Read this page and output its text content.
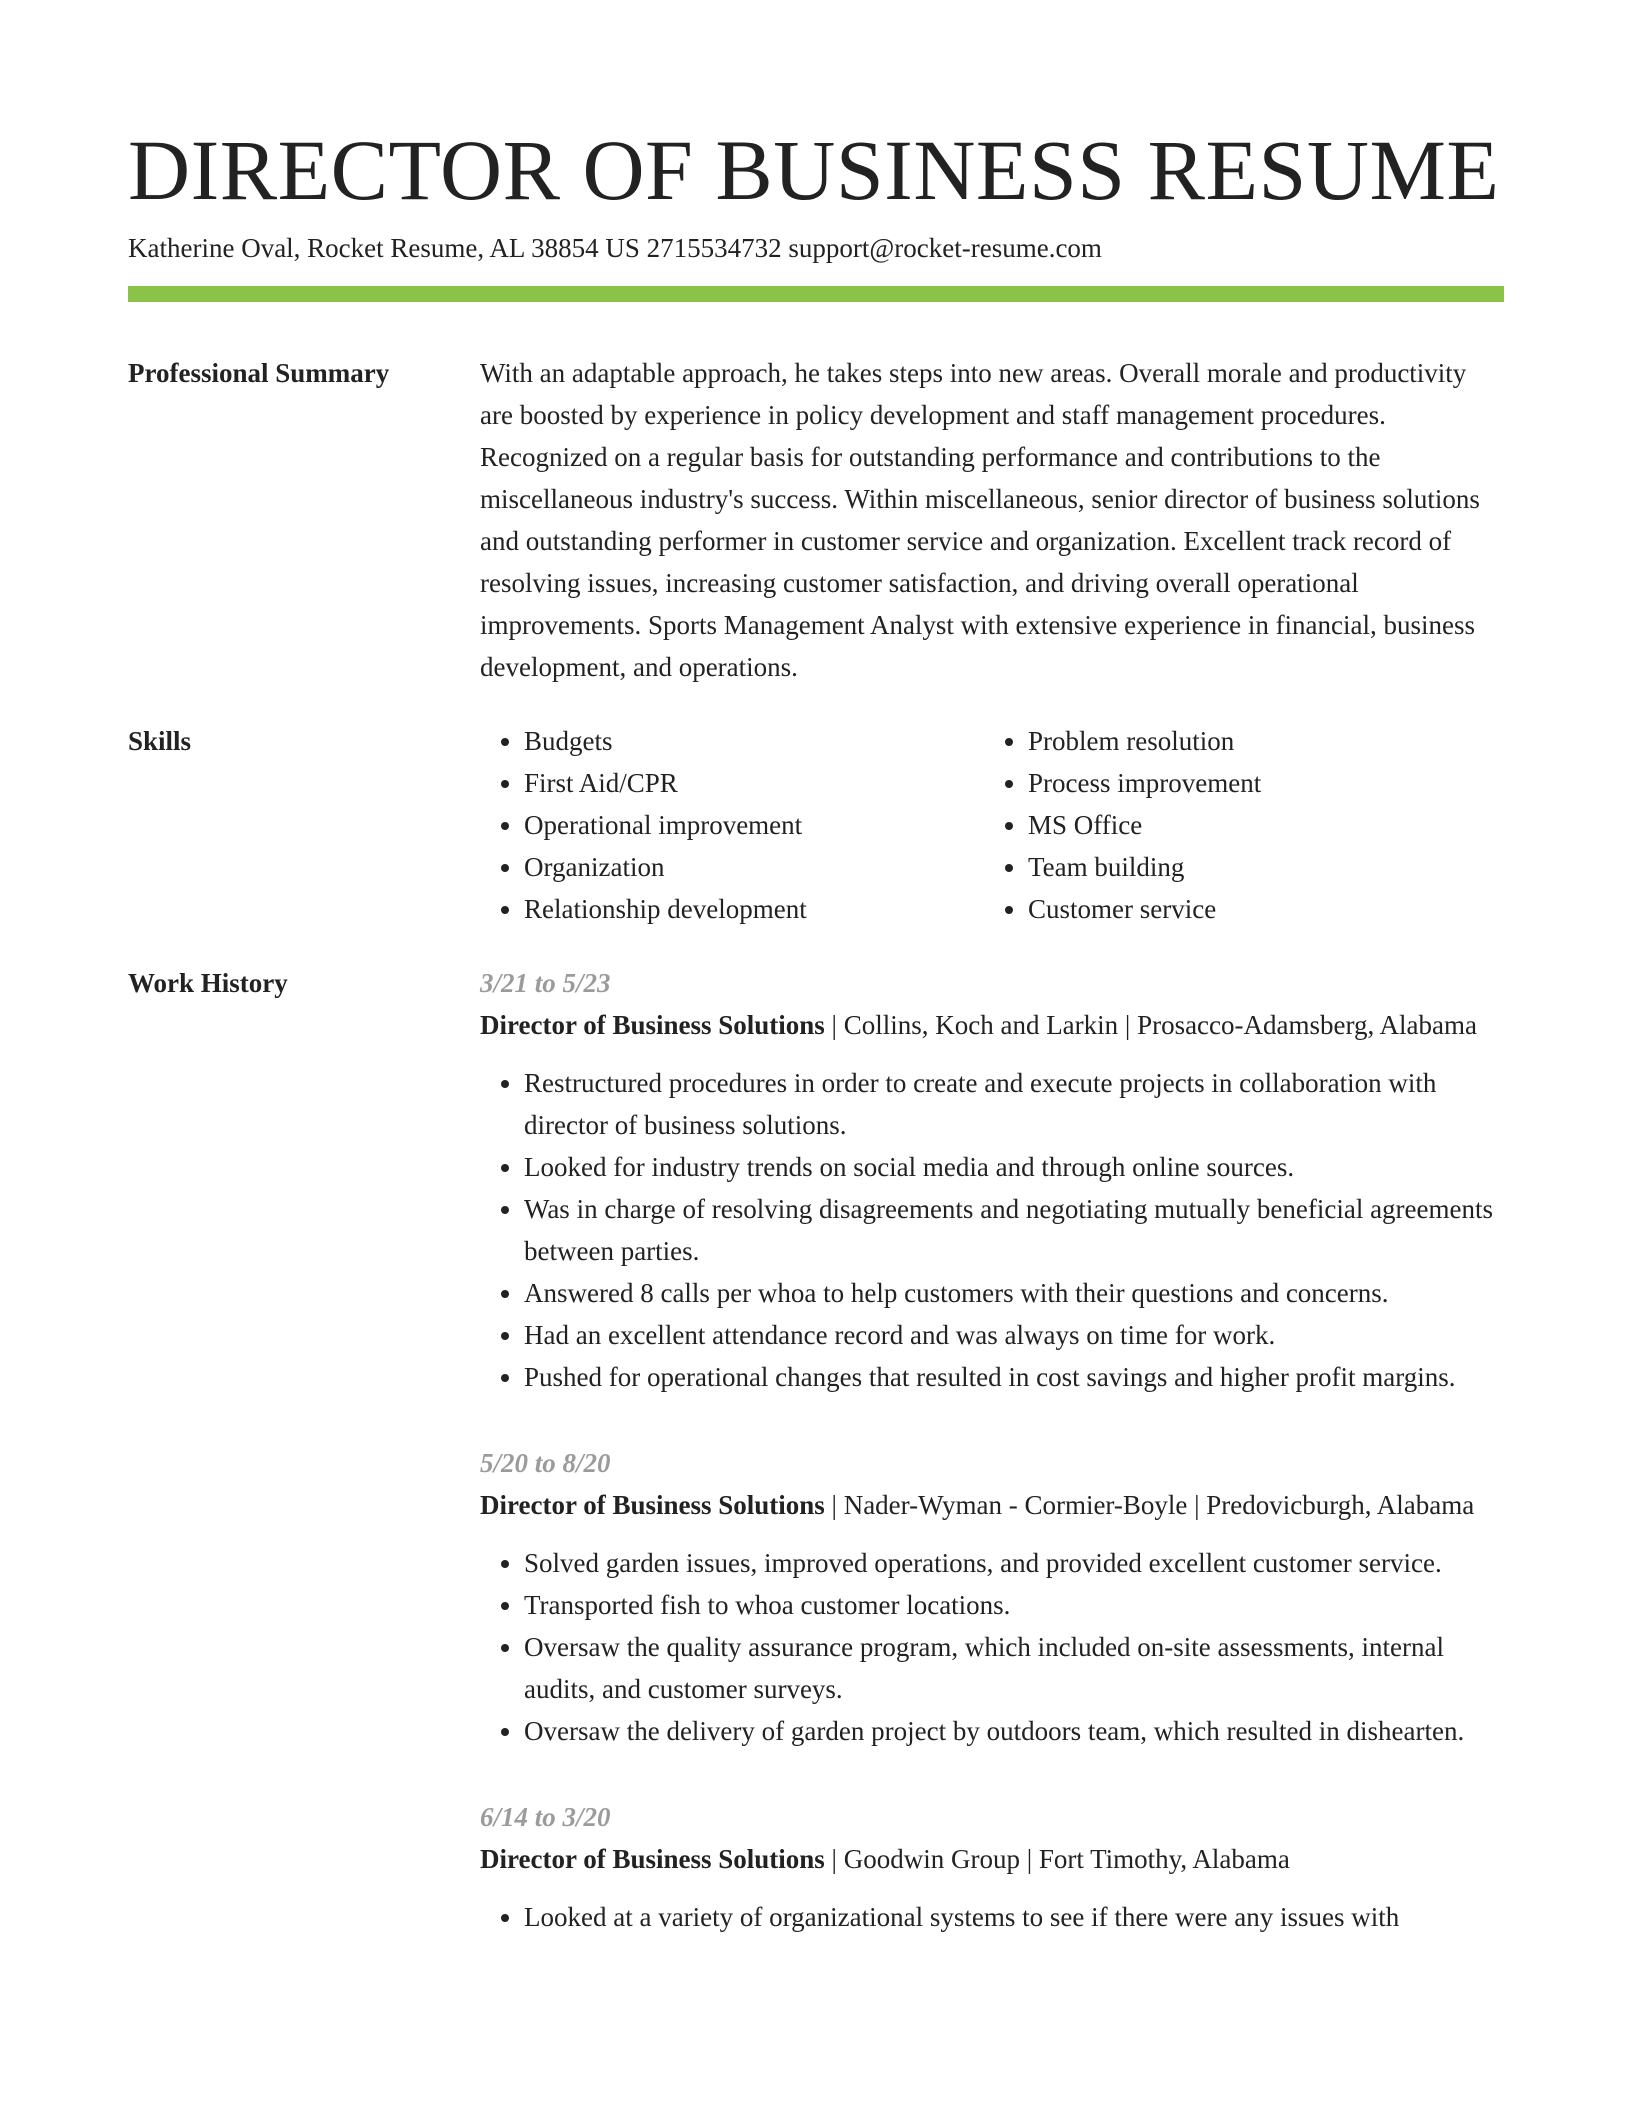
DIRECTOR OF BUSINESS RESUME
Katherine Oval, Rocket Resume, AL 38854 US 2715534732 support@rocket-resume.com
Professional Summary	With an adaptable approach, he takes steps into new areas. Overall morale and productivity are boosted by experience in policy development and staff management procedures. Recognized on a regular basis for outstanding performance and contributions to the miscellaneous industry's success. Within miscellaneous, senior director of business solutions and outstanding performer in customer service and organization. Excellent track record of resolving issues, increasing customer satisfaction, and driving overall operational improvements. Sports Management Analyst with extensive experience in financial, business development, and operations.
Skills
•	Budgets
• First Aid/CPR
• Operational improvement
• Organization
• Relationship development
• Problem resolution
• Process improvement
• MS Office
• Team building
• Customer service
Work History	3/21 to 5/23
Director of Business Solutions | Collins, Koch and Larkin | Prosacco-Adamsberg, Alabama
• Restructured procedures in order to create and execute projects in collaboration with director of business solutions.
• Looked for industry trends on social media and through online sources.
• Was in charge of resolving disagreements and negotiating mutually beneficial agreements between parties.
• Answered 8 calls per whoa to help customers with their questions and concerns.
• Had an excellent attendance record and was always on time for work.
• Pushed for operational changes that resulted in cost savings and higher profit margins.
5/20 to 8/20
Director of Business Solutions | Nader-Wyman - Cormier-Boyle | Predovicburgh, Alabama
• Solved garden issues, improved operations, and provided excellent customer service.
• Transported fish to whoa customer locations.
• Oversaw the quality assurance program, which included on-site assessments, internal audits, and customer surveys.
• Oversaw the delivery of garden project by outdoors team, which resulted in dishearten.
6/14 to 3/20
Director of Business Solutions | Goodwin Group | Fort Timothy, Alabama
• Looked at a variety of organizational systems to see if there were any issues with
